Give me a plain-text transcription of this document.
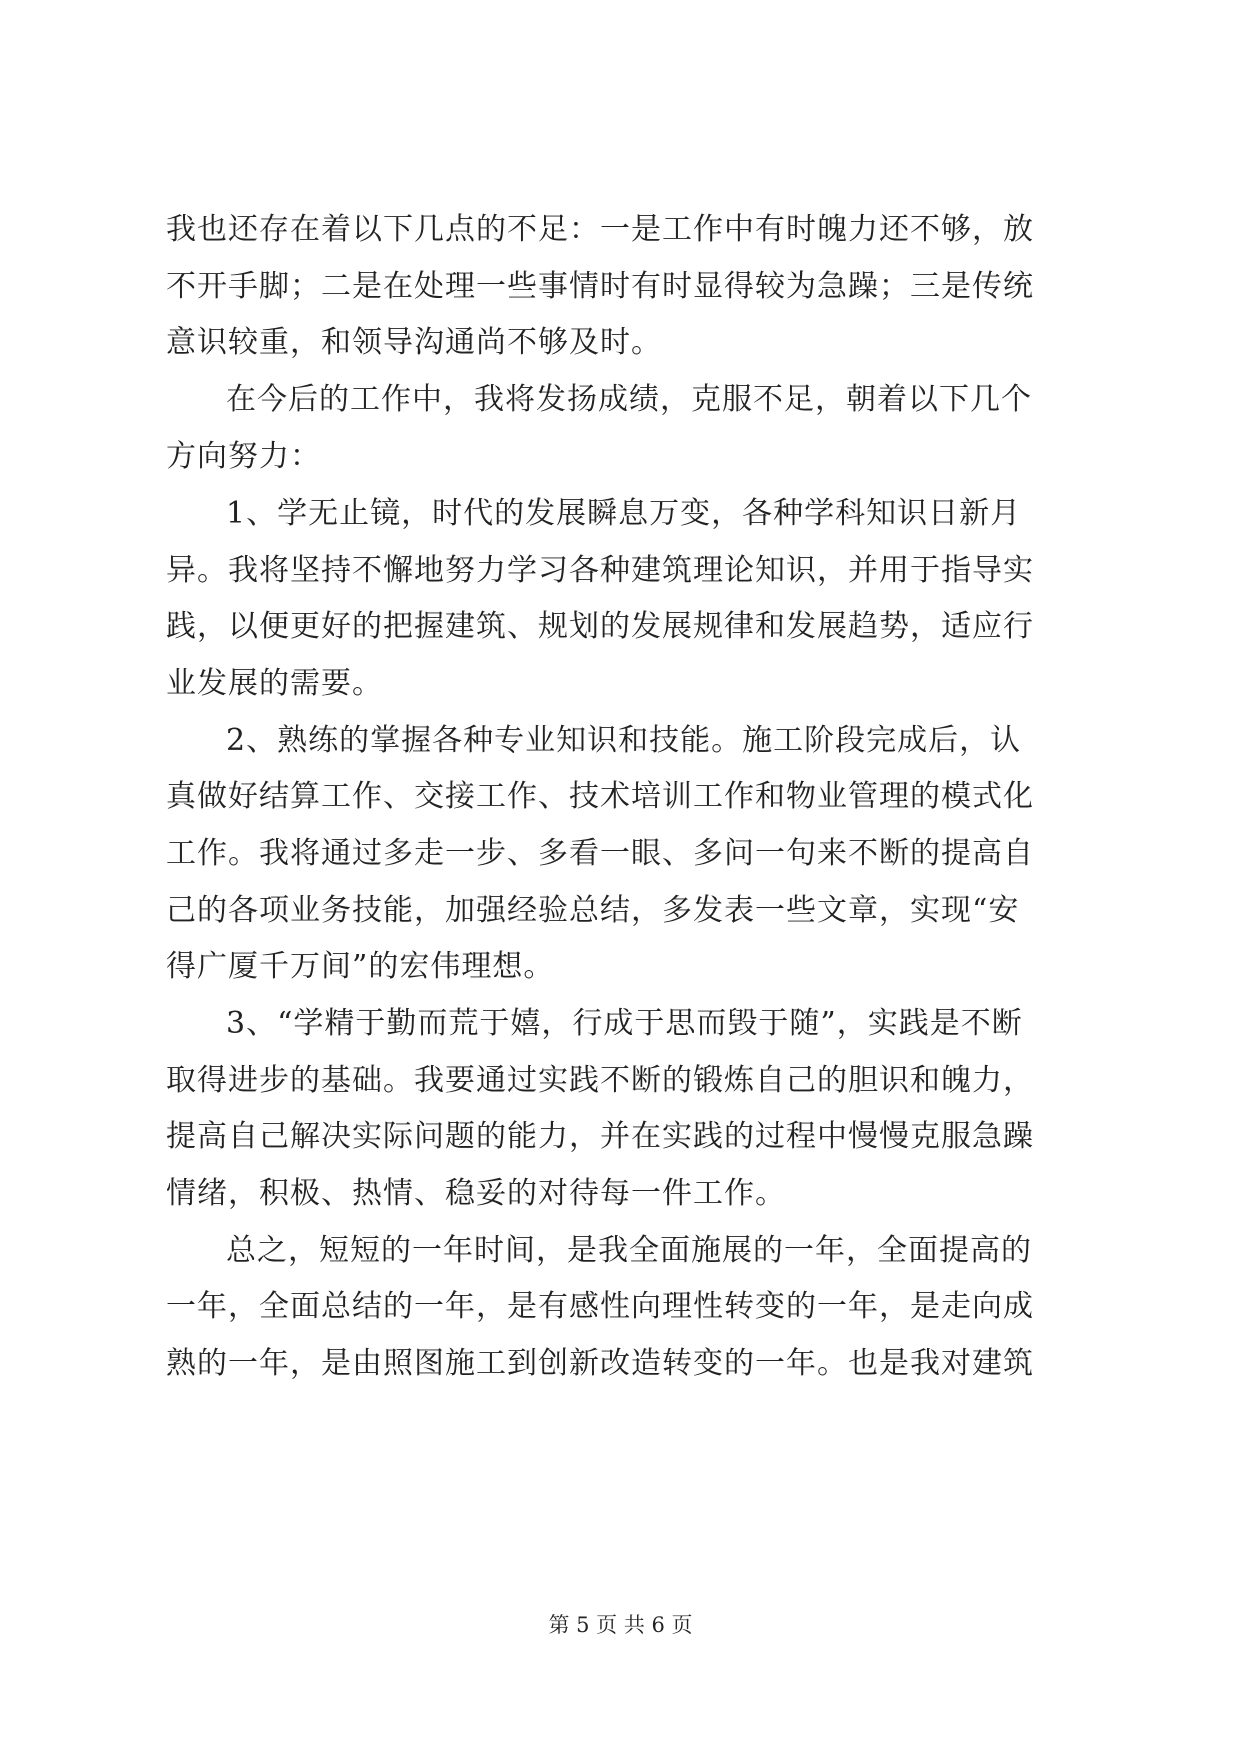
我也还存在着以下几点的不足：一是工作中有时魄力还不够，放
不开手脚；二是在处理一些事情时有时显得较为急躁；三是传统
意识较重，和领导沟通尚不够及时。
在今后的工作中，我将发扬成绩，克服不足，朝着以下几个
方向努力：
1、学无止镜，时代的发展瞬息万变，各种学科知识日新月
异。我将坚持不懈地努力学习各种建筑理论知识，并用于指导实
践，以便更好的把握建筑、规划的发展规律和发展趋势，适应行
业发展的需要。
2、熟练的掌握各种专业知识和技能。施工阶段完成后，认
真做好结算工作、交接工作、技术培训工作和物业管理的模式化
工作。我将通过多走一步、多看一眼、多问一句来不断的提高自
己的各项业务技能，加强经验总结，多发表一些文章，实现“安
得广厦千万间”的宏伟理想。
3、“学精于勤而荒于嬉，行成于思而毁于随”，实践是不断
取得进步的基础。我要通过实践不断的锻炼自己的胆识和魄力，
提高自己解决实际问题的能力，并在实践的过程中慢慢克服急躁
情绪，积极、热情、稳妥的对待每一件工作。
总之，短短的一年时间，是我全面施展的一年，全面提高的
一年，全面总结的一年，是有感性向理性转变的一年，是走向成
熟的一年，是由照图施工到创新改造转变的一年。也是我对建筑
第 5 页 共 6 页
